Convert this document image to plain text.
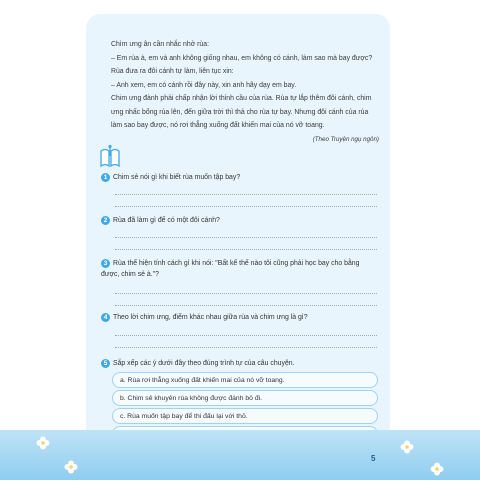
Chìm ưng ân cần nhắc nhở rùa:

– Em rùa à, em và anh không giống nhau, em không có cánh, làm sao mà bay được?

Rùa đưa ra đôi cánh tự làm, liên tục xin:

– Anh xem, em có cánh rồi đây này, xin anh hãy dạy em bay.

Chim ưng đành phải chấp nhận lời thỉnh cầu của rùa. Rùa tự lắp thêm đôi cánh, chim ưng nhấc bổng rùa lên, đến giữa trời thì thả cho rùa tự bay. Nhưng đôi cánh của rùa làm sao bay được, nó rơi thẳng xuống đất khiến mai của nó vỡ toang.

(Theo Truyện ngụ ngôn)

1 Chim sẻ nói gì khi biết rùa muốn tập bay?
2 Rùa đã làm gì để có một đôi cánh?
3 Rùa thể hiện tính cách gì khi nói: "Bất kể thế nào tôi cũng phải học bay cho bằng được, chim sẻ à."?
4 Theo lời chim ưng, điểm khác nhau giữa rùa và chim ưng là gì?
5 Sắp xếp các ý dưới đây theo đúng trình tự của câu chuyện.
a. Rùa rơi thẳng xuống đất khiến mai của nó vỡ toang.
b. Chim sẻ khuyên rùa không được đánh bỏ đi.
c. Rùa muốn tập bay để thi đấu lại với thỏ.
5
